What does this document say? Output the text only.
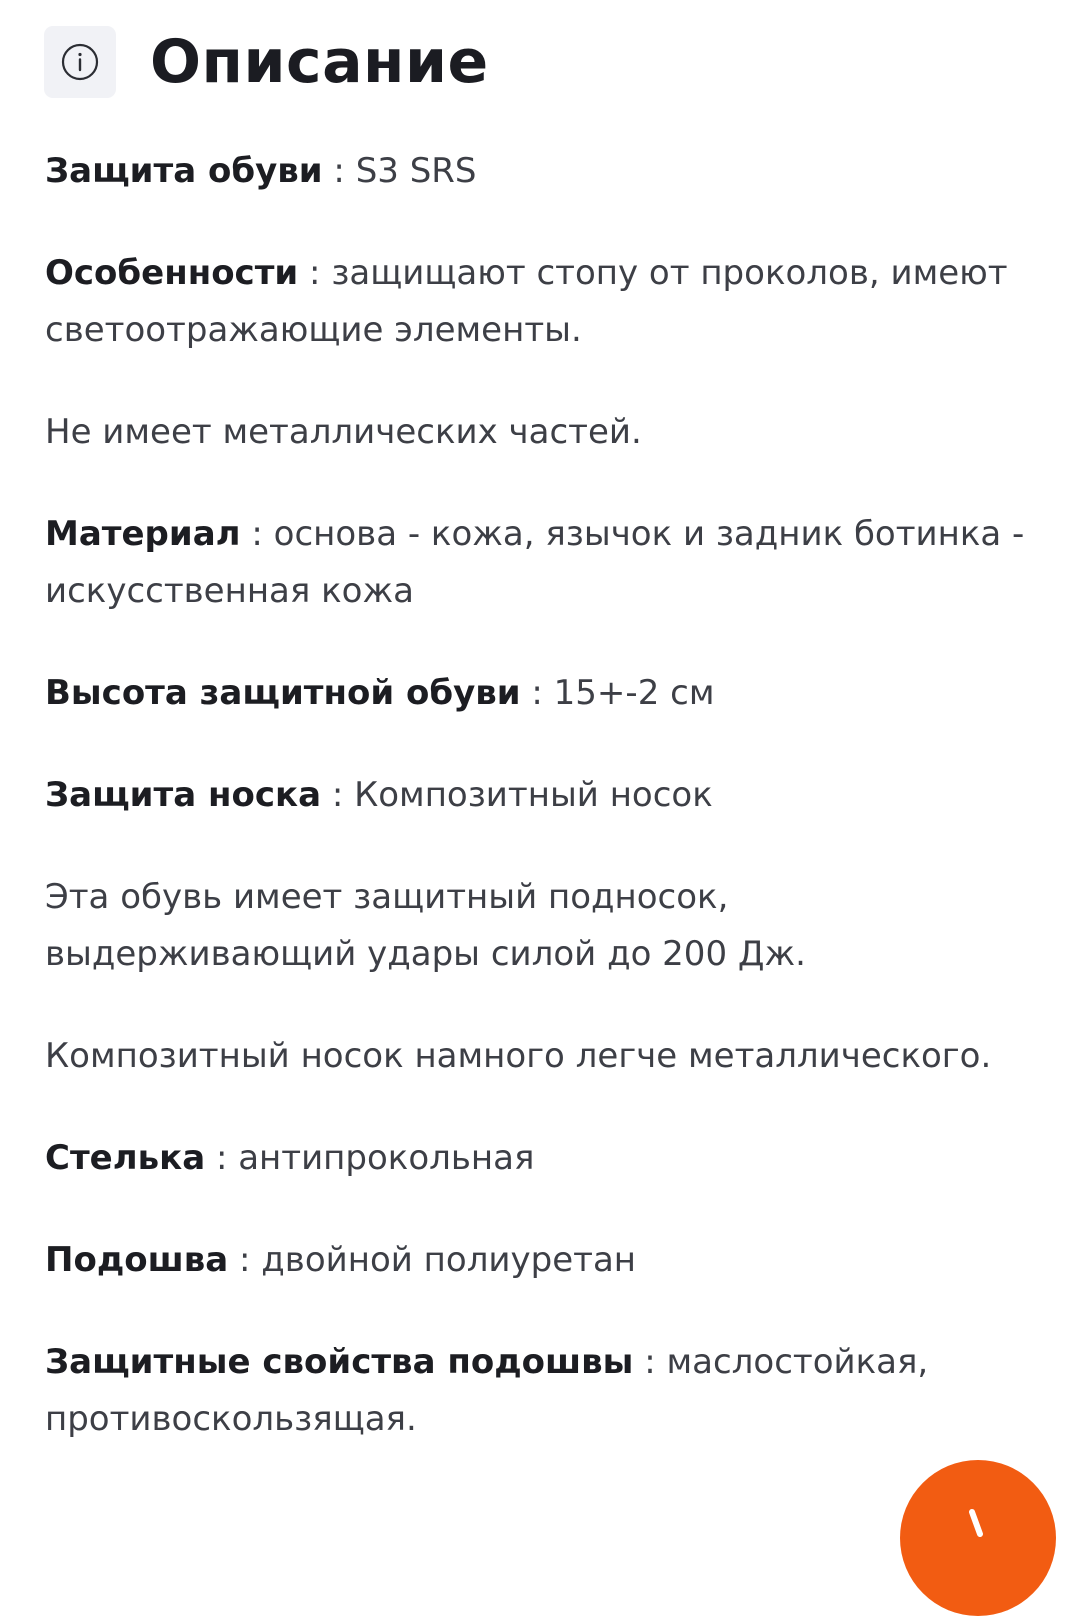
Описание

Защита обуви : S3 SRS

Особенности : защищают стопу от проколов, имеют светоотражающие элементы.

Не имеет металлических частей.

Материал : основа - кожа, язычок и задник ботинка - искусственная кожа

Высота защитной обуви : 15+-2 см

Защита носка : Композитный носок

Эта обувь имеет защитный подносок, выдерживающий удары силой до 200 Дж.

Композитный носок намного легче металлического.

Стелька : антипрокольная

Подошва : двойной полиуретан

Защитные свойства подошвы : маслостойкая, противоскользящая.
